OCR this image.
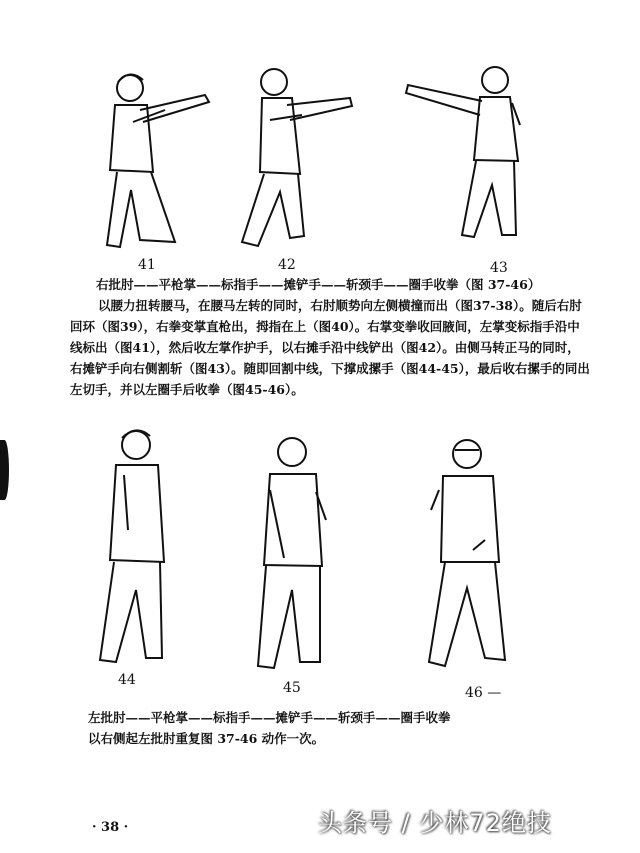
41	42	43
右批肘——平枪掌——标指手——摊铲手——斩颈手——圈手收拳（图 37-46）

以腰力扭转腰马，在腰马左转的同时，右肘顺势向左侧横撞而出（图37-38）。随后右肘

回环（图39），右拳变掌直枪出，拇指在上（图40）。右掌变拳收回腋间，左掌变标指手沿中

线标出（图41），然后收左掌作护手，以右摊手沿中线铲出（图42）。由侧马转正马的同时，

右摊铲手向右侧割斩（图43）。随即回割中线，下撑成摞手（图44-45），最后收右摞手的同出

左切手，并以左圈手后收拳（图45-46）。

44	45	46 —
左批肘——平枪掌——标指手——摊铲手——斩颈手——圈手收拳
以右侧起左批肘重复图 37-46 动作一次。
· 38 ·	头条号 / 少林72绝技
